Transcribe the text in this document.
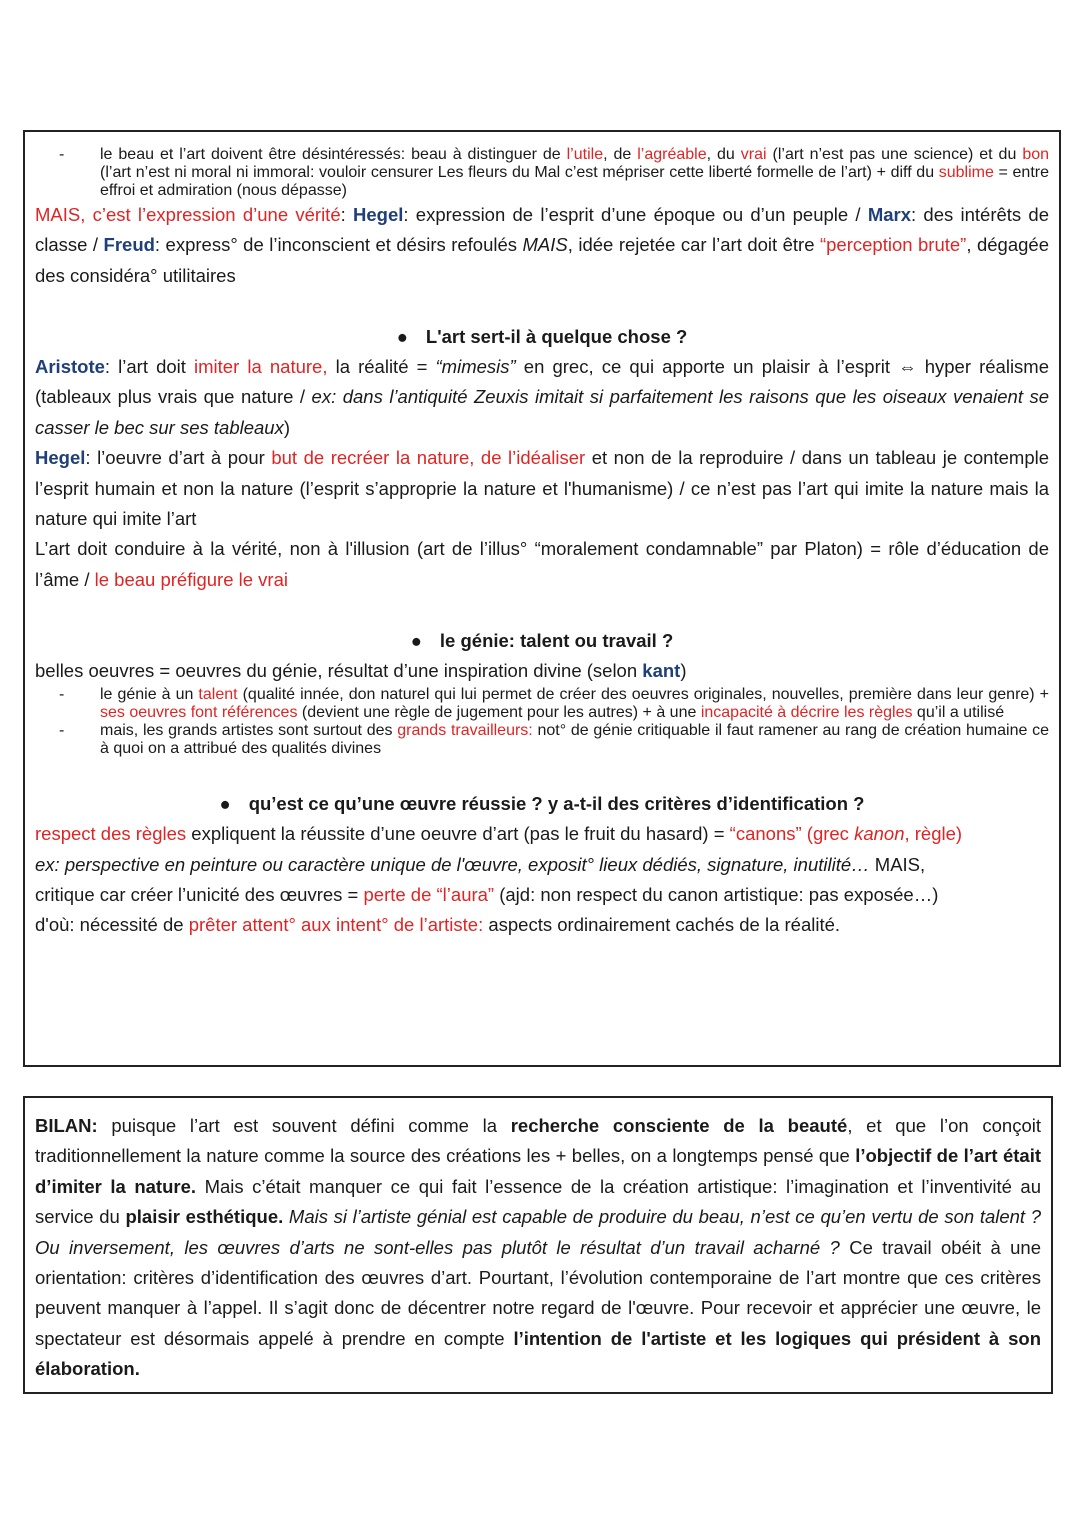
-	le beau et l’art doivent être désintéressés: beau à distinguer de l’utile, de l’agréable, du vrai (l’art n’est pas une science) et du bon (l’art n’est ni moral ni immoral: vouloir censurer Les fleurs du Mal c’est mépriser cette liberté formelle de l’art) + diff du sublime = entre effroi et admiration (nous dépasse)

MAIS, c’est l’expression d’une vérité: Hegel: expression de l’esprit d’une époque ou d’un peuple / Marx: des intérêts de classe / Freud: express° de l’inconscient et désirs refoulés MAIS, idée rejetée car l’art doit être “perception brute”, dégagée des considéra° utilitaires

● L'art sert-il à quelque chose ?

Aristote: l’art doit imiter la nature, la réalité = “mimesis” en grec, ce qui apporte un plaisir à l’esprit ⇔ hyper réalisme (tableaux plus vrais que nature / ex: dans l’antiquité Zeuxis imitait si parfaitement les raisons que les oiseaux venaient se casser le bec sur ses tableaux)

Hegel: l’oeuvre d’art à pour but de recréer la nature, de l’idéaliser et non de la reproduire / dans un tableau je contemple l’esprit humain et non la nature (l’esprit s’approprie la nature et l'humanisme) / ce n’est pas l’art qui imite la nature mais la nature qui imite l’art

L’art doit conduire à la vérité, non à l'illusion (art de l’illus° “moralement condamnable” par Platon) = rôle d’éducation de l’âme / le beau préfigure le vrai

● le génie: talent ou travail ?

belles oeuvres = oeuvres du génie, résultat d’une inspiration divine (selon kant)

-	le génie à un talent (qualité innée, don naturel qui lui permet de créer des oeuvres originales, nouvelles, première dans leur genre) + ses oeuvres font références (devient une règle de jugement pour les autres) + à une incapacité à décrire les règles qu’il a utilisé
-	mais, les grands artistes sont surtout des grands travailleurs: not° de génie critiquable il faut ramener au rang de création humaine ce à quoi on a attribué des qualités divines

● qu’est ce qu’une œuvre réussie ? y a-t-il des critères d’identification ?

respect des règles expliquent la réussite d’une oeuvre d’art (pas le fruit du hasard) = “canons” (grec kanon, règle)

ex: perspective en peinture ou caractère unique de l'œuvre, exposit° lieux dédiés, signature, inutilité… MAIS,

critique car créer l’unicité des œuvres = perte de “l’aura” (ajd: non respect du canon artistique: pas exposée…)

d'où: nécessité de prêter attent° aux intent° de l’artiste: aspects ordinairement cachés de la réalité.

BILAN: puisque l’art est souvent défini comme la recherche consciente de la beauté, et que l’on conçoit traditionnellement la nature comme la source des créations les + belles, on a longtemps pensé que l’objectif de l’art était d’imiter la nature. Mais c’était manquer ce qui fait l’essence de la création artistique: l’imagination et l’inventivité au service du plaisir esthétique. Mais si l’artiste génial est capable de produire du beau, n’est ce qu’en vertu de son talent ? Ou inversement, les œuvres d’arts ne sont-elles pas plutôt le résultat d’un travail acharné ? Ce travail obéit à une orientation: critères d’identification des œuvres d’art. Pourtant, l’évolution contemporaine de l’art montre que ces critères peuvent manquer à l’appel. Il s’agit donc de décentrer notre regard de l'œuvre. Pour recevoir et apprécier une œuvre, le spectateur est désormais appelé à prendre en compte l’intention de l'artiste et les logiques qui président à son élaboration.
